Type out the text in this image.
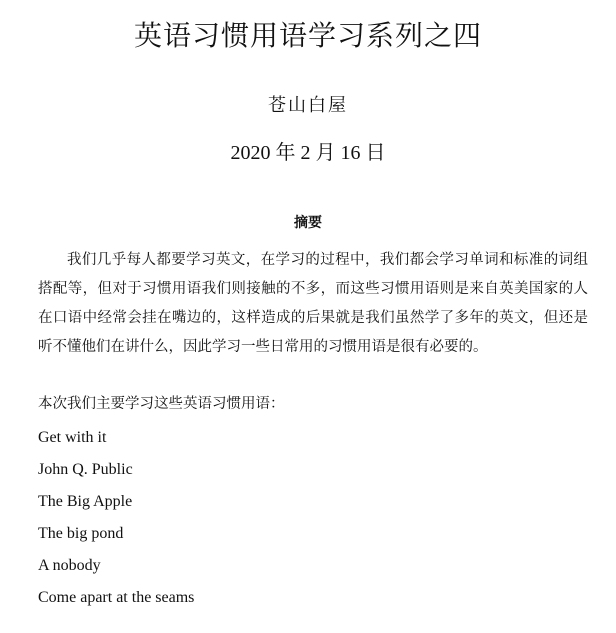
英语习惯用语学习系列之四
苍山白屋
2020 年 2 月 16 日
摘要
我们几乎每人都要学习英文，在学习的过程中，我们都会学习单词和标准的词组搭配等，但对于习惯用语我们则接触的不多，而这些习惯用语则是来自英美国家的人在口语中经常会挂在嘴边的，这样造成的后果就是我们虽然学了多年的英文，但还是听不懂他们在讲什么，因此学习一些日常用的习惯用语是很有必要的。
本次我们主要学习这些英语习惯用语：
Get with it
John Q. Public
The Big Apple
The big pond
A nobody
Come apart at the seams
